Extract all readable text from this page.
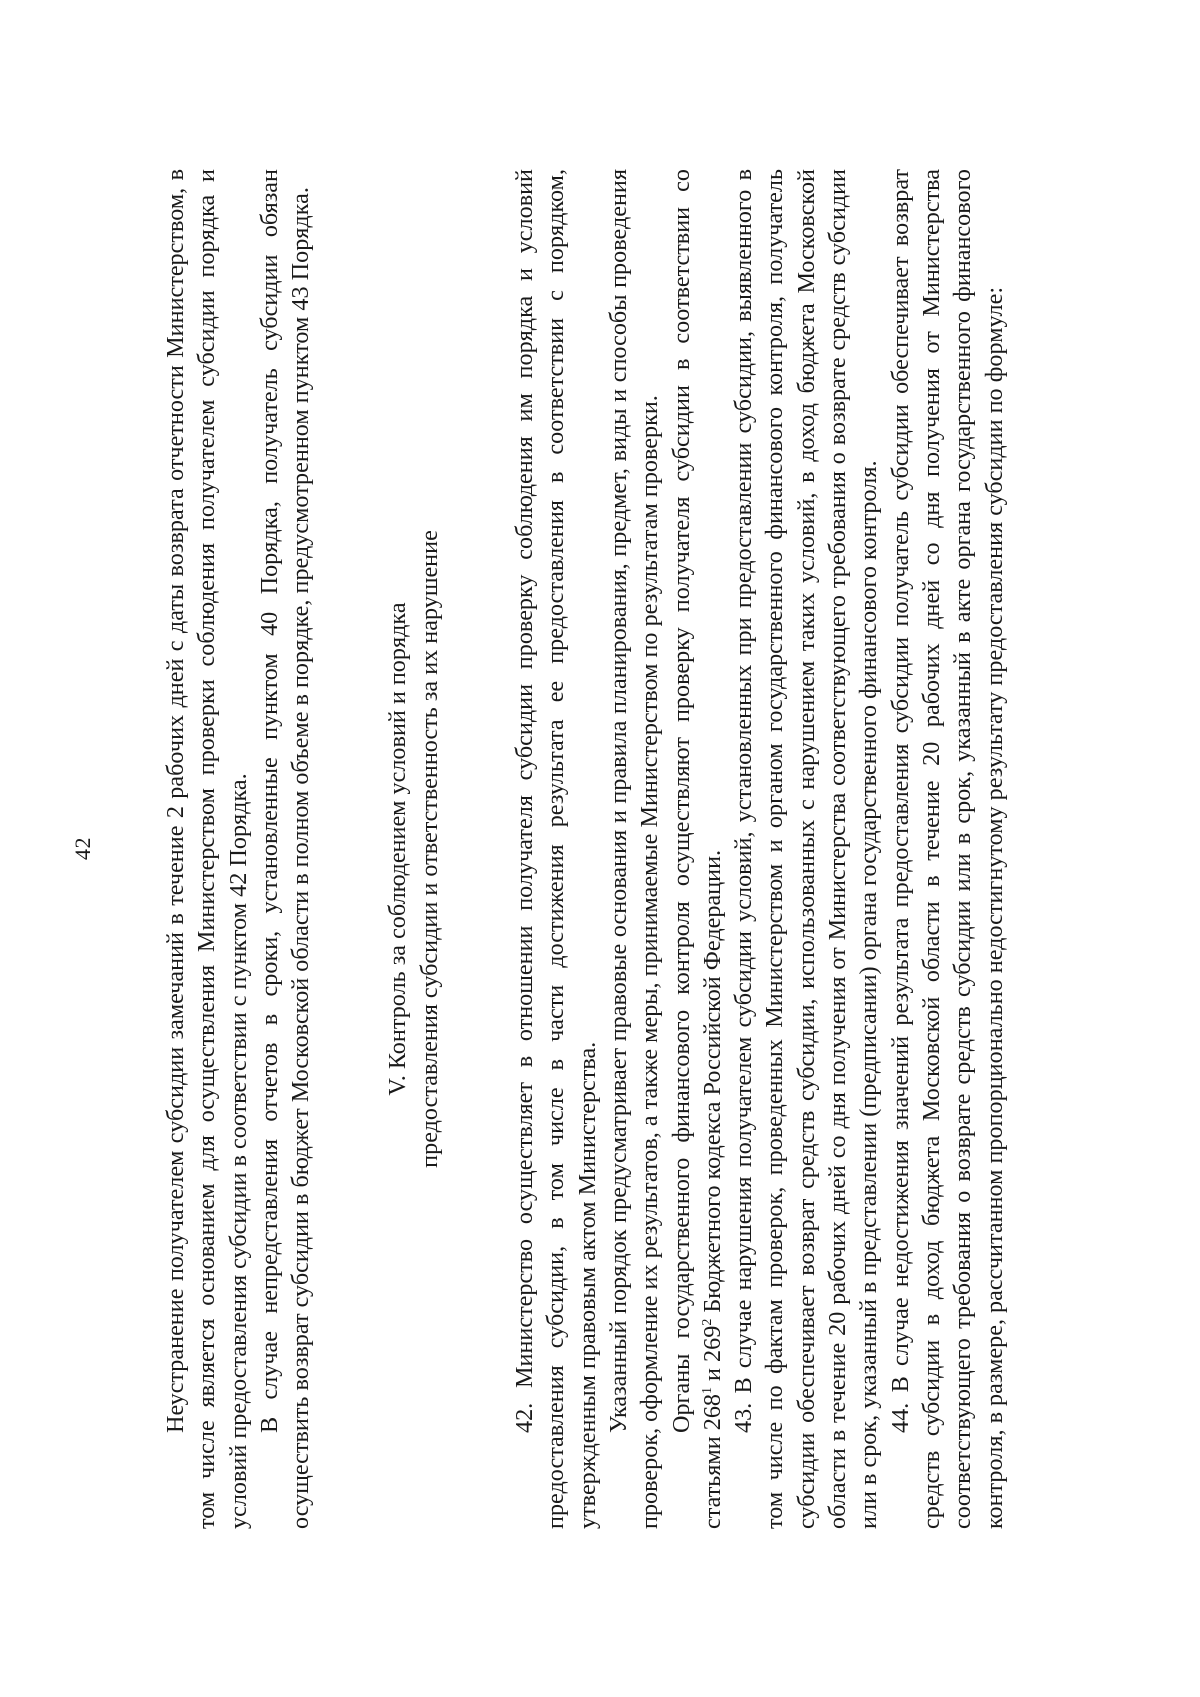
42	Неустранение получателем субсидии замечаний в течение 2 рабочих дней с даты возврата отчетности Министерством, в том числе является основанием для осуществления Министерством проверки соблюдения получателем субсидии порядка и условий предоставления субсидии в соответствии с пунктом 42 Порядка. В случае непредставления отчетов в сроки, установленные пунктом 40 Порядка, получатель субсидии обязан осуществить возврат субсидии в бюджет Московской области в полном объеме в порядке, предусмотренном пунктом 43 Порядка.	V. Контроль за соблюдением условий и порядка предоставления субсидии и ответственность за их нарушение	42. Министерство осуществляет в отношении получателя субсидии проверку соблюдения им порядка и условий предоставления субсидии, в том числе в части достижения результата ее предоставления в соответствии с порядком, утвержденным правовым актом Министерства. Указанный порядок предусматривает правовые основания и правила планирования, предмет, виды и способы проведения проверок, оформление их результатов, а также меры, принимаемые Министерством по результатам проверки. Органы государственного финансового контроля осуществляют проверку получателя субсидии в соответствии со статьями $268^1$ и $269^2$ Бюджетного кодекса Российской Федерации. 43. В случае нарушения получателем субсидии условий, установленных при предоставлении субсидии, выявленного в том числе по фактам проверок, проведенных Министерством и органом государственного финансового контроля, получатель субсидии обеспечивает возврат средств субсидии, использованных с нарушением таких условий, в доход бюджета Московской области в течение 20 рабочих дней со дня получения от Министерства соответствующего требования о возврате средств субсидии или в срок, указанный в представлении (предписании) органа государственного финансового контроля. 44. В случае недостижения значений результата предоставления субсидии получатель субсидии обеспечивает возврат средств субсидии в доход бюджета Московской области в течение 20 рабочих дней со дня получения от Министерства соответствующего требования о возврате средств субсидии или в срок, указанный в акте органа государственного финансового контроля, в размере, рассчитанном пропорционально недостигнутому результату предоставления субсидии по формуле:
